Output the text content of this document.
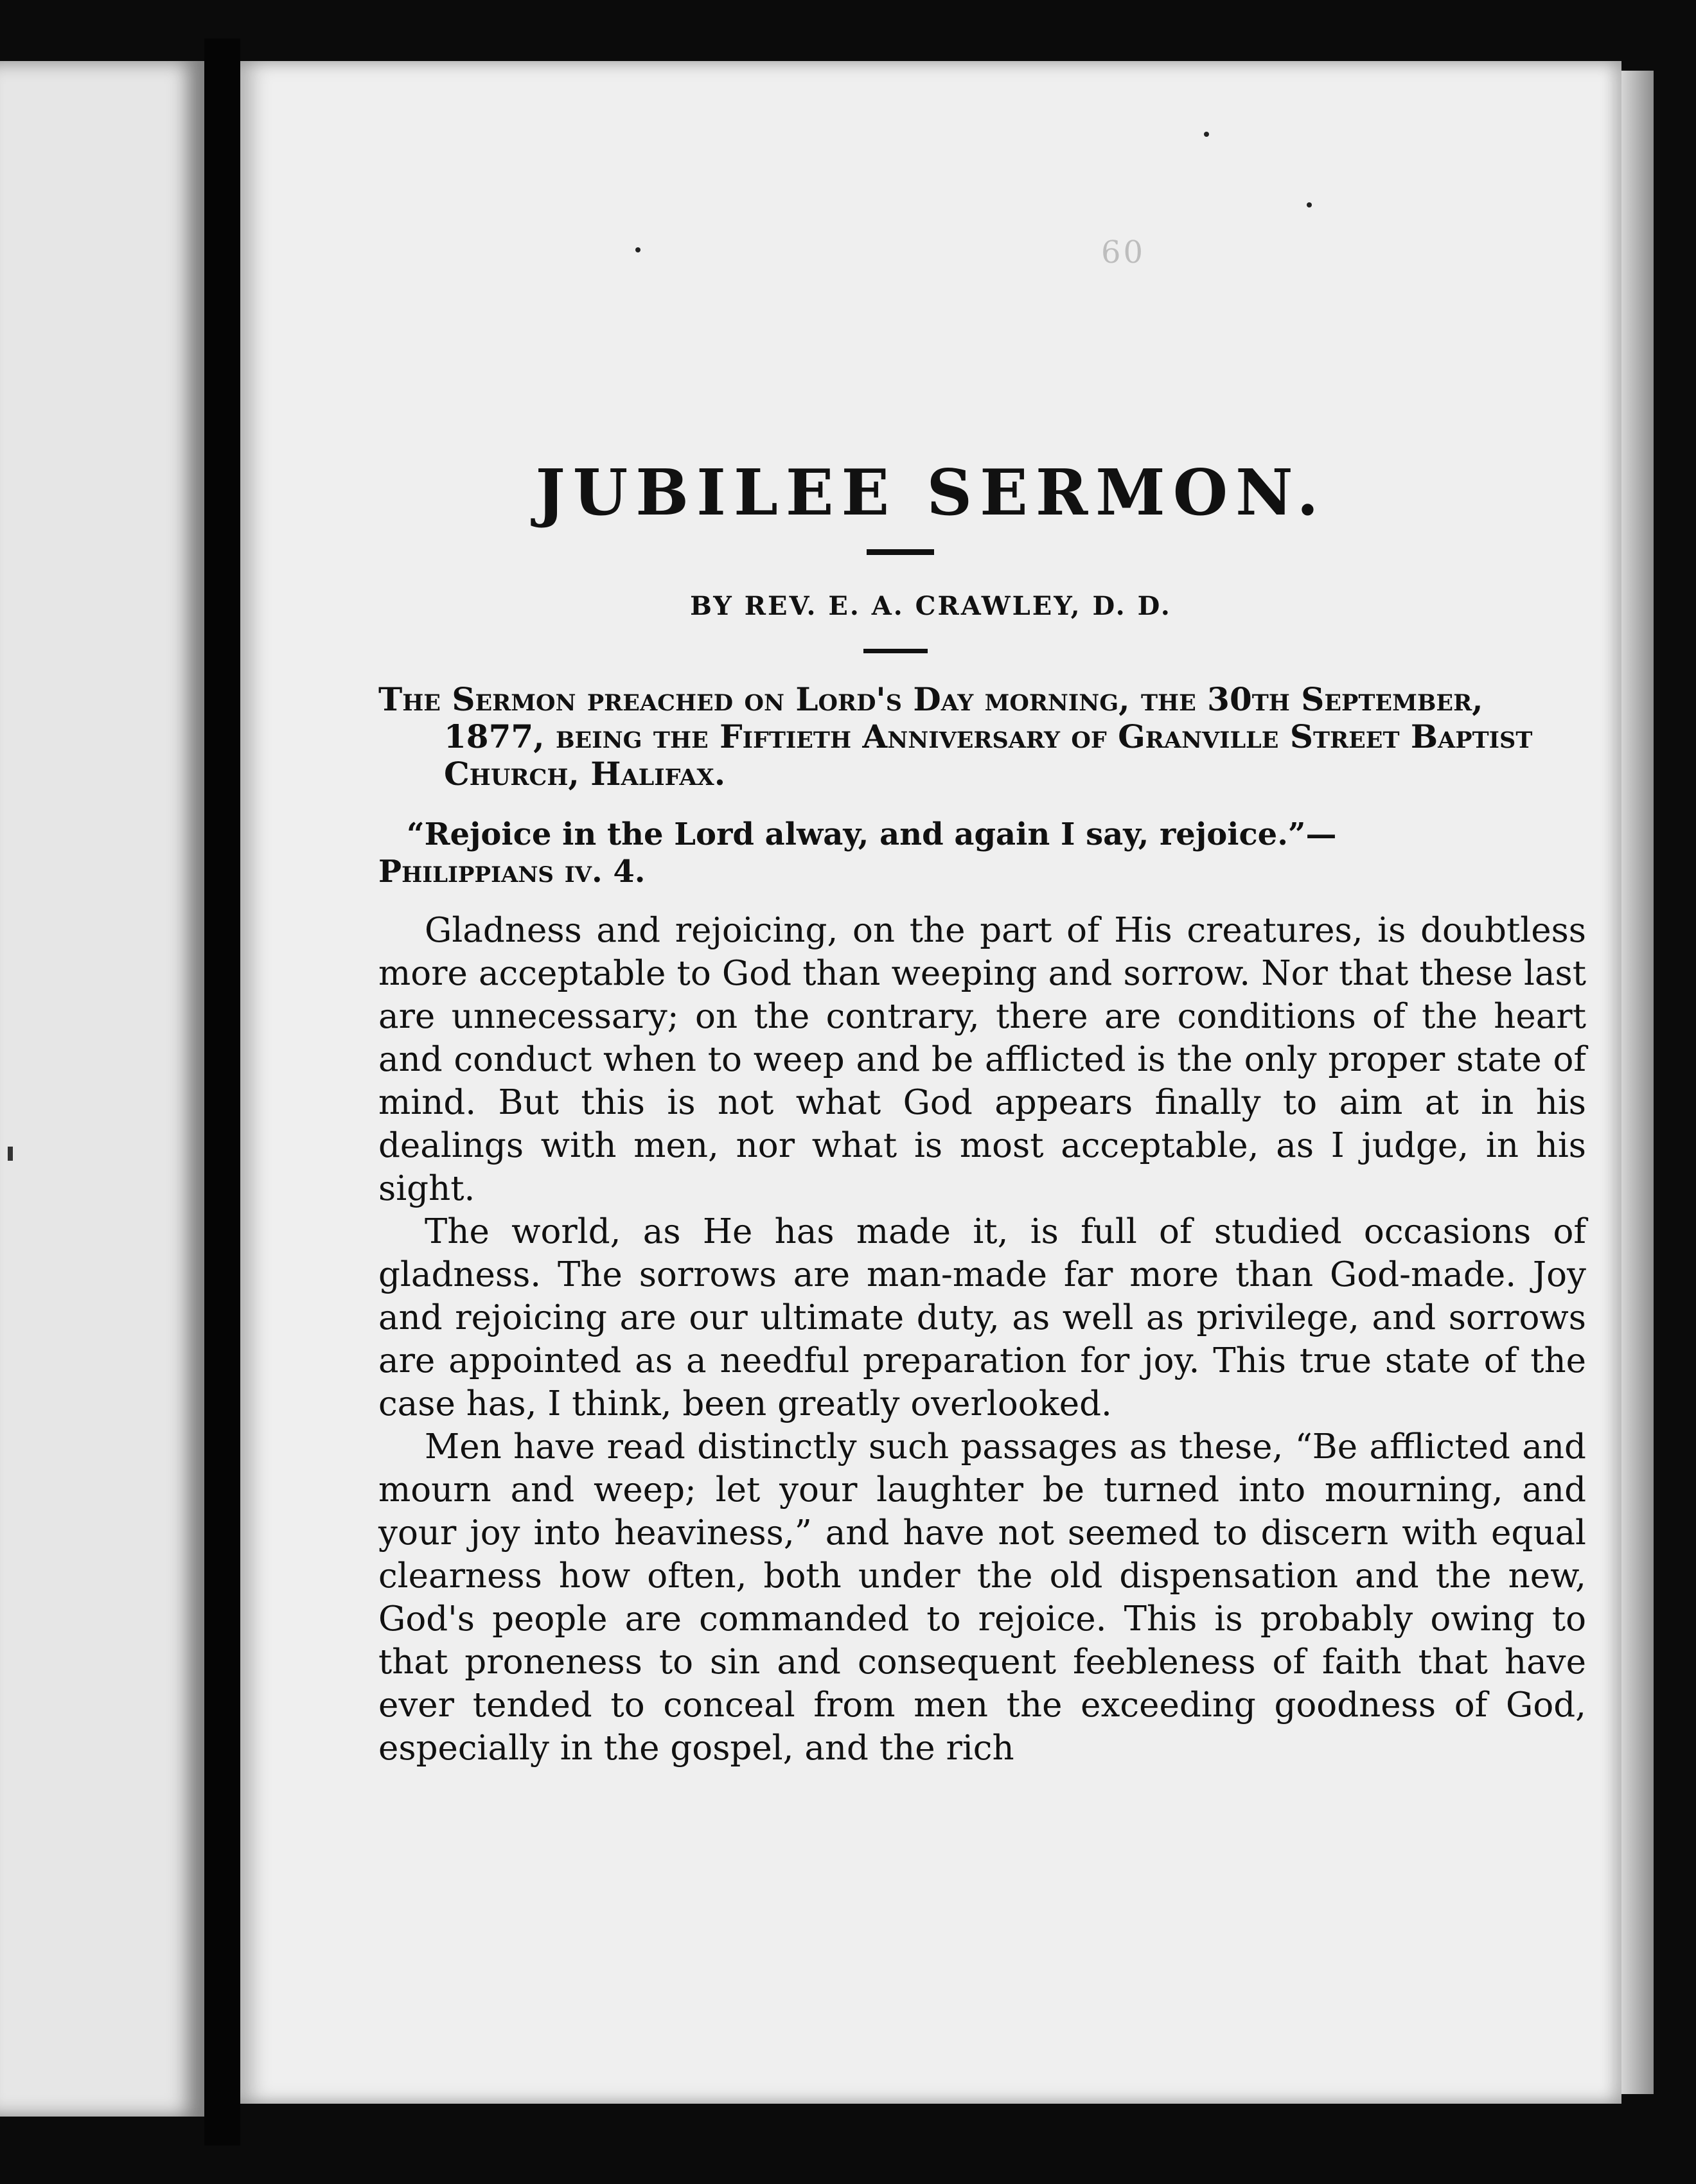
60
JUBILEE SERMON.
BY REV. E. A. CRAWLEY, D. D.

The Sermon preached on Lord's Day morning, the 30th September, 1877, being the Fiftieth Anniversary of Granville Street Baptist Church, Halifax.

“Rejoice in the Lord alway, and again I say, rejoice.”—
Philippians iv. 4.

Gladness and rejoicing, on the part of His creatures, is doubtless more acceptable to God than weeping and sorrow. Nor that these last are unnecessary; on the contrary, there are conditions of the heart and conduct when to weep and be afflicted is the only proper state of mind. But this is not what God appears finally to aim at in his dealings with men, nor what is most acceptable, as I judge, in his sight.

The world, as He has made it, is full of studied occasions of gladness. The sorrows are man-made far more than God-made. Joy and rejoicing are our ultimate duty, as well as privilege, and sorrows are appointed as a needful preparation for joy. This true state of the case has, I think, been greatly overlooked.

Men have read distinctly such passages as these, “Be afflicted and mourn and weep; let your laughter be turned into mourning, and your joy into heaviness,” and have not seemed to discern with equal clearness how often, both under the old dispensation and the new, God's people are commanded to rejoice. This is probably owing to that proneness to sin and consequent feebleness of faith that have ever tended to conceal from men the exceeding goodness of God, especially in the gospel, and the rich
